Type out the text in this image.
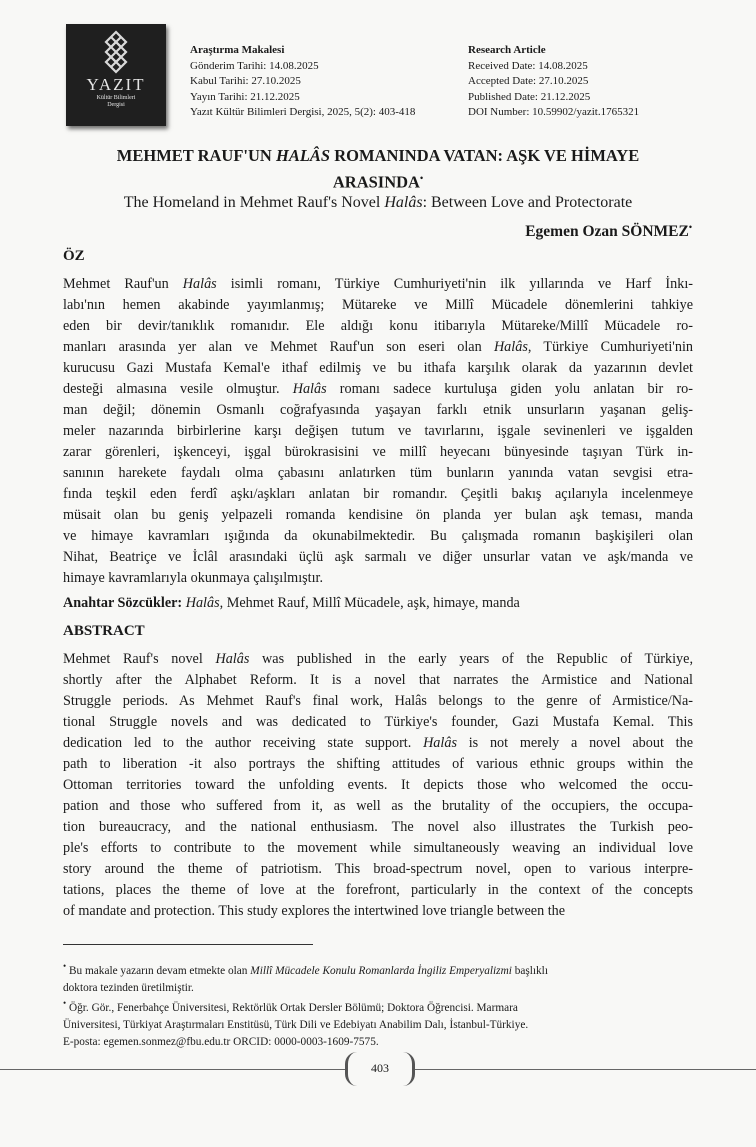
YAZIT
Kültür Bilimleri
Dergisi
Araştırma Makalesi
Gönderim Tarihi: 14.08.2025
Kabul Tarihi: 27.10.2025
Yayın Tarihi: 21.12.2025
Yazıt Kültür Bilimleri Dergisi, 2025, 5(2): 403-418
Research Article
Received Date: 14.08.2025
Accepted Date: 27.10.2025
Published Date: 21.12.2025
DOI Number: 10.59902/yazit.1765321
MEHMET RAUF'UN HALÂS ROMANINDA VATAN: AŞK VE HİMAYE
ARASINDA•
The Homeland in Mehmet Rauf's Novel Halâs: Between Love and Protectorate
Egemen Ozan SÖNMEZ•
ÖZ
Mehmet Rauf'un Halâs isimli romanı, Türkiye Cumhuriyeti'nin ilk yıllarında ve Harf İnkı-
labı'nın hemen akabinde yayımlanmış; Mütareke ve Millî Mücadele dönemlerini tahkiye
eden bir devir/tanıklık romanıdır. Ele aldığı konu itibarıyla Mütareke/Millî Mücadele ro-
manları arasında yer alan ve Mehmet Rauf'un son eseri olan Halâs, Türkiye Cumhuriyeti'nin
kurucusu Gazi Mustafa Kemal'e ithaf edilmiş ve bu ithafa karşılık olarak da yazarının devlet
desteği almasına vesile olmuştur. Halâs romanı sadece kurtuluşa giden yolu anlatan bir ro-
man değil; dönemin Osmanlı coğrafyasında yaşayan farklı etnik unsurların yaşanan geliş-
meler nazarında birbirlerine karşı değişen tutum ve tavırlarını, işgale sevinenleri ve işgalden
zarar görenleri, işkenceyi, işgal bürokrasisini ve millî heyecanı bünyesinde taşıyan Türk in-
sanının harekete faydalı olma çabasını anlatırken tüm bunların yanında vatan sevgisi etra-
fında teşkil eden ferdî aşkı/aşkları anlatan bir romandır. Çeşitli bakış açılarıyla incelenmeye
müsait olan bu geniş yelpazeli romanda kendisine ön planda yer bulan aşk teması, manda
ve himaye kavramları ışığında da okunabilmektedir. Bu çalışmada romanın başkişileri olan
Nihat, Beatriçe ve İclâl arasındaki üçlü aşk sarmalı ve diğer unsurlar vatan ve aşk/manda ve
himaye kavramlarıyla okunmaya çalışılmıştır.
Anahtar Sözcükler: Halâs, Mehmet Rauf, Millî Mücadele, aşk, himaye, manda
ABSTRACT
Mehmet Rauf's novel Halâs was published in the early years of the Republic of Türkiye,
shortly after the Alphabet Reform. It is a novel that narrates the Armistice and National
Struggle periods. As Mehmet Rauf's final work, Halâs belongs to the genre of Armistice/Na-
tional Struggle novels and was dedicated to Türkiye's founder, Gazi Mustafa Kemal. This
dedication led to the author receiving state support. Halâs is not merely a novel about the
path to liberation -it also portrays the shifting attitudes of various ethnic groups within the
Ottoman territories toward the unfolding events. It depicts those who welcomed the occu-
pation and those who suffered from it, as well as the brutality of the occupiers, the occupa-
tion bureaucracy, and the national enthusiasm. The novel also illustrates the Turkish peo-
ple's efforts to contribute to the movement while simultaneously weaving an individual love
story around the theme of patriotism. This broad-spectrum novel, open to various interpre-
tations, places the theme of love at the forefront, particularly in the context of the concepts
of mandate and protection. This study explores the intertwined love triangle between the
• Bu makale yazarın devam etmekte olan Millî Mücadele Konulu Romanlarda İngiliz Emperyalizmi başlıklı
doktora tezinden üretilmiştir.
• Öğr. Gör., Fenerbahçe Üniversitesi, Rektörlük Ortak Dersler Bölümü; Doktora Öğrencisi. Marmara
Üniversitesi, Türkiyat Araştırmaları Enstitüsü, Türk Dili ve Edebiyatı Anabilim Dalı, İstanbul-Türkiye.
E-posta: egemen.sonmez@fbu.edu.tr ORCID: 0000-0003-1609-7575.
403
